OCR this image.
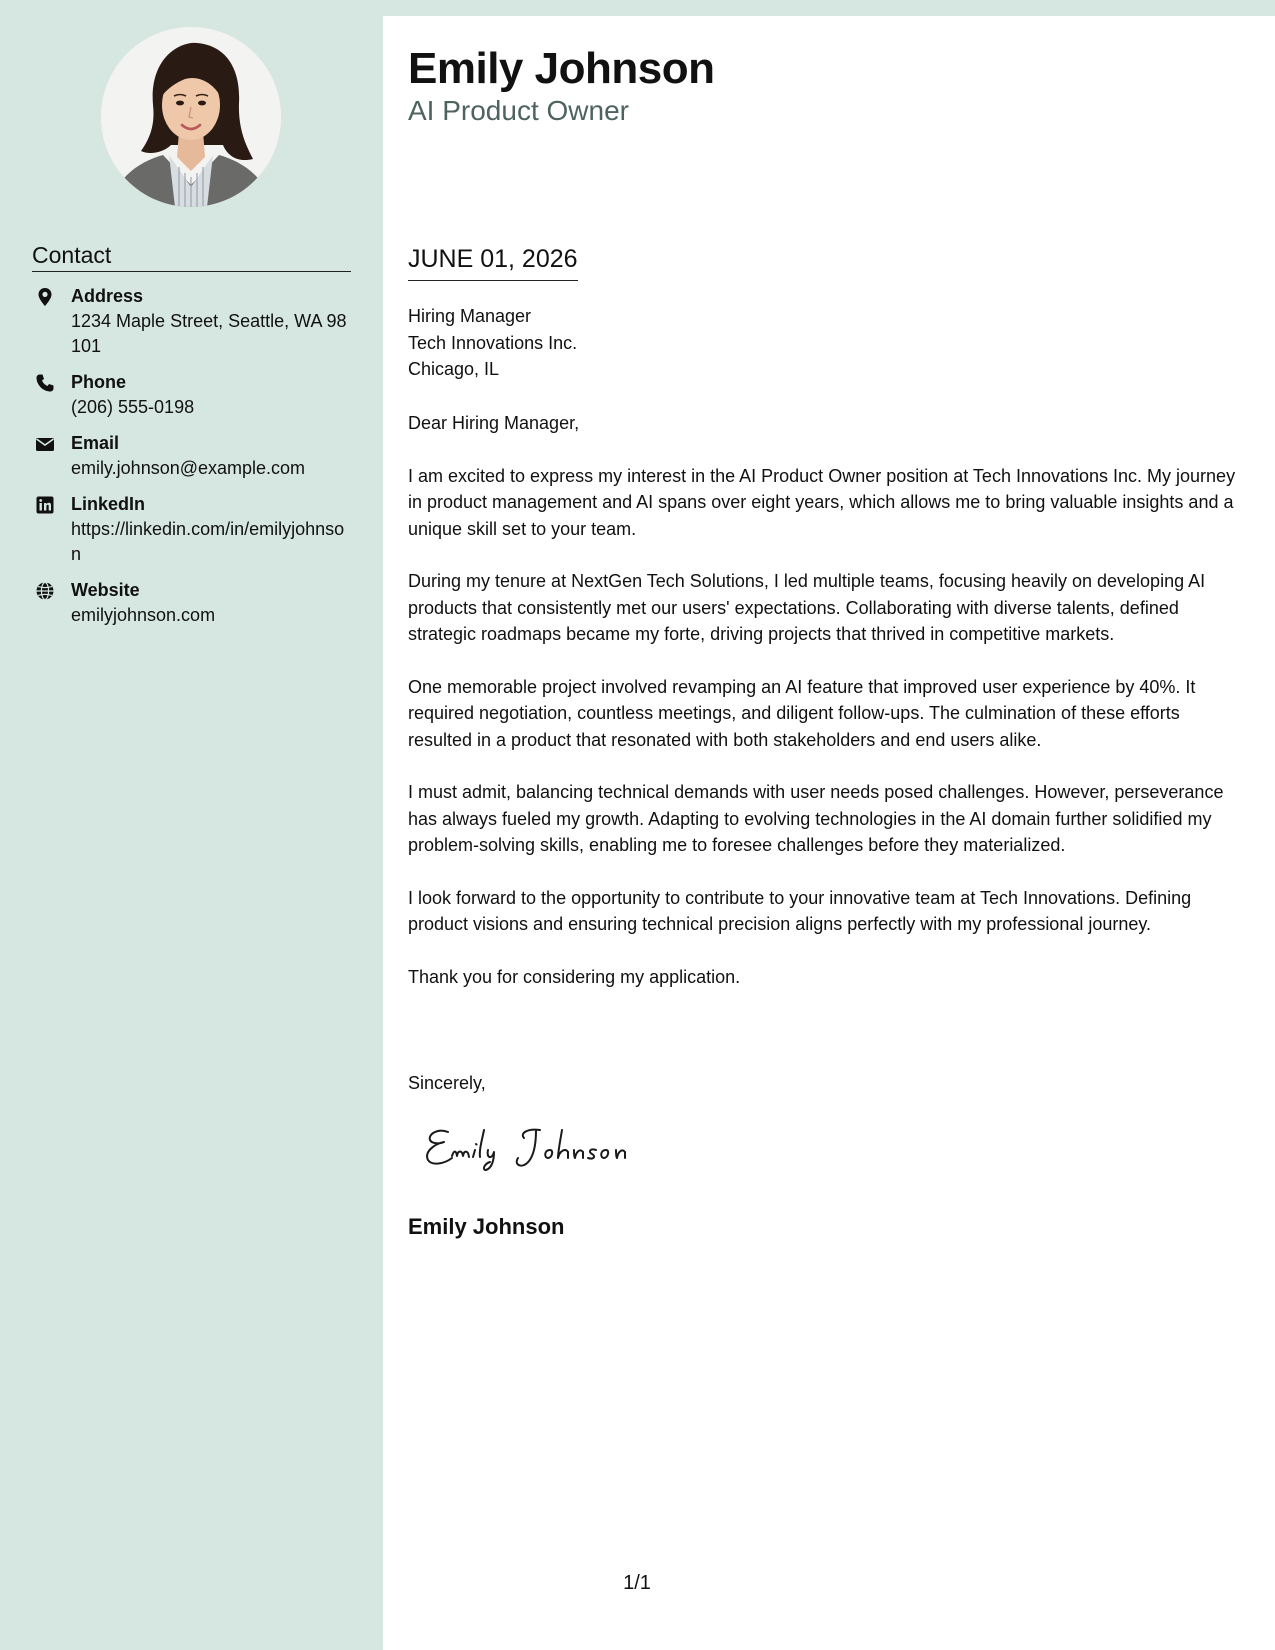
Contact
Address
1234 Maple Street, Seattle, WA 98101
Phone
(206) 555-0198
Email
emily.johnson@example.com
LinkedIn
https://linkedin.com/in/emilyjohnson
Website
emilyjohnson.com
Emily Johnson
AI Product Owner
JUNE 01, 2026
Hiring Manager
Tech Innovations Inc.
Chicago, IL

Dear Hiring Manager,

I am excited to express my interest in the AI Product Owner position at Tech Innovations Inc. My journey in product management and AI spans over eight years, which allows me to bring valuable insights and a unique skill set to your team.

During my tenure at NextGen Tech Solutions, I led multiple teams, focusing heavily on developing AI products that consistently met our users' expectations. Collaborating with diverse talents, defined strategic roadmaps became my forte, driving projects that thrived in competitive markets.

One memorable project involved revamping an AI feature that improved user experience by 40%. It required negotiation, countless meetings, and diligent follow-ups. The culmination of these efforts resulted in a product that resonated with both stakeholders and end users alike.

I must admit, balancing technical demands with user needs posed challenges. However, perseverance has always fueled my growth. Adapting to evolving technologies in the AI domain further solidified my problem-solving skills, enabling me to foresee challenges before they materialized.

I look forward to the opportunity to contribute to your innovative team at Tech Innovations. Defining product visions and ensuring technical precision aligns perfectly with my professional journey.

Thank you for considering my application.

Sincerely,
Emily Johnson
1/1
